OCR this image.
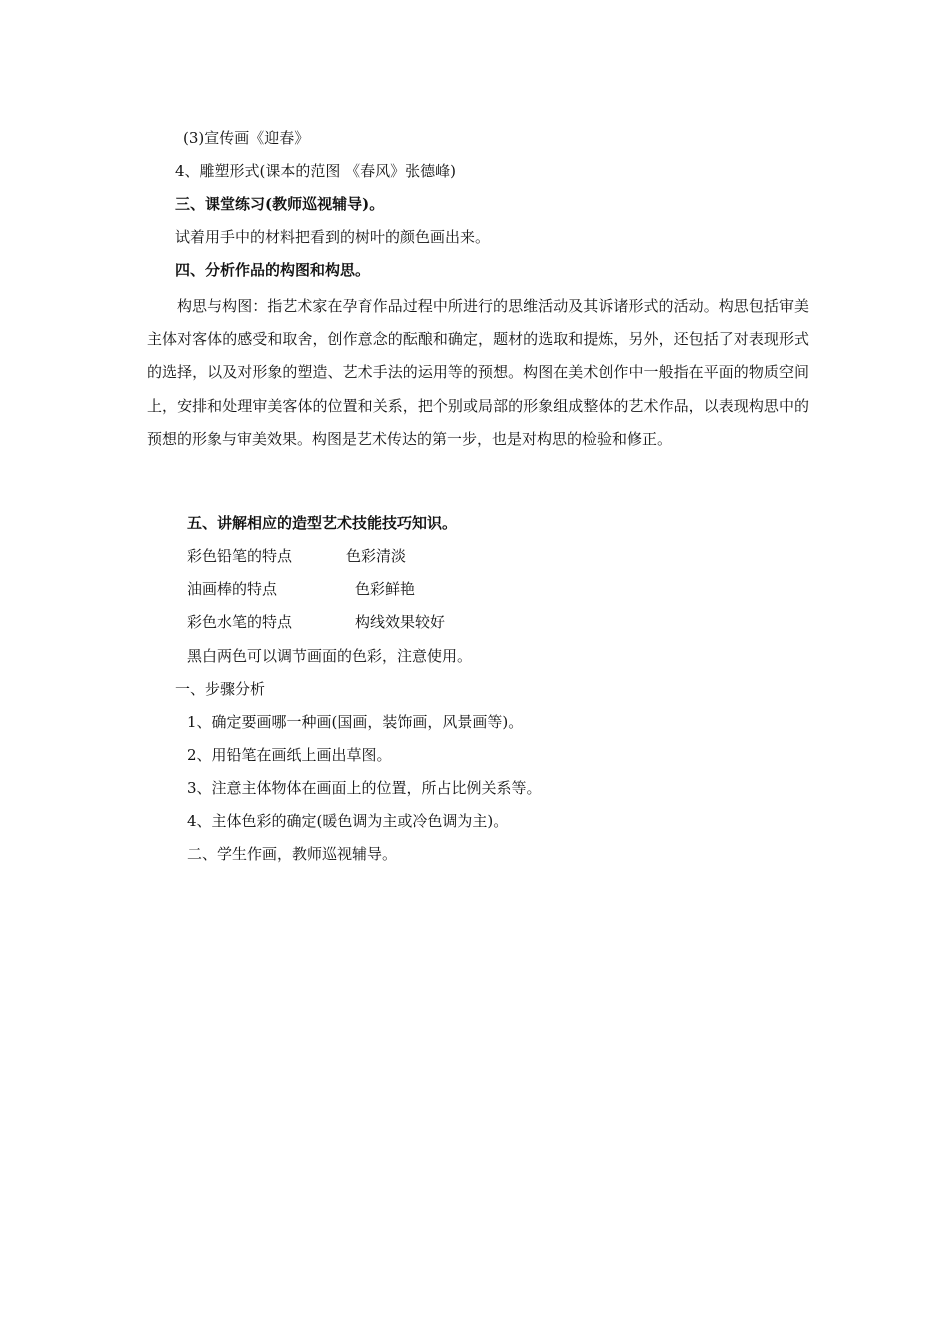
(3)宣传画《迎春》
4、雕塑形式(课本的范图 《春风》张德峰)
三、课堂练习(教师巡视辅导)。
试着用手中的材料把看到的树叶的颜色画出来。
四、分析作品的构图和构思。
构思与构图：指艺术家在孕育作品过程中所进行的思维活动及其诉诸形式的活动。构思包括审美主体对客体的感受和取舍，创作意念的酝酿和确定，题材的选取和提炼，另外，还包括了对表现形式的选择，以及对形象的塑造、艺术手法的运用等的预想。构图在美术创作中一般指在平面的物质空间上，安排和处理审美客体的位置和关系，把个别或局部的形象组成整体的艺术作品，以表现构思中的预想的形象与审美效果。构图是艺术传达的第一步，也是对构思的检验和修正。
五、讲解相应的造型艺术技能技巧知识。
彩色铅笔的特点	色彩清淡
油画棒的特点	色彩鲜艳
彩色水笔的特点	构线效果较好
黑白两色可以调节画面的色彩，注意使用。
一、步骤分析
1、确定要画哪一种画(国画，装饰画，风景画等)。
2、用铅笔在画纸上画出草图。
3、注意主体物体在画面上的位置，所占比例关系等。
4、主体色彩的确定(暖色调为主或冷色调为主)。
二、学生作画，教师巡视辅导。
